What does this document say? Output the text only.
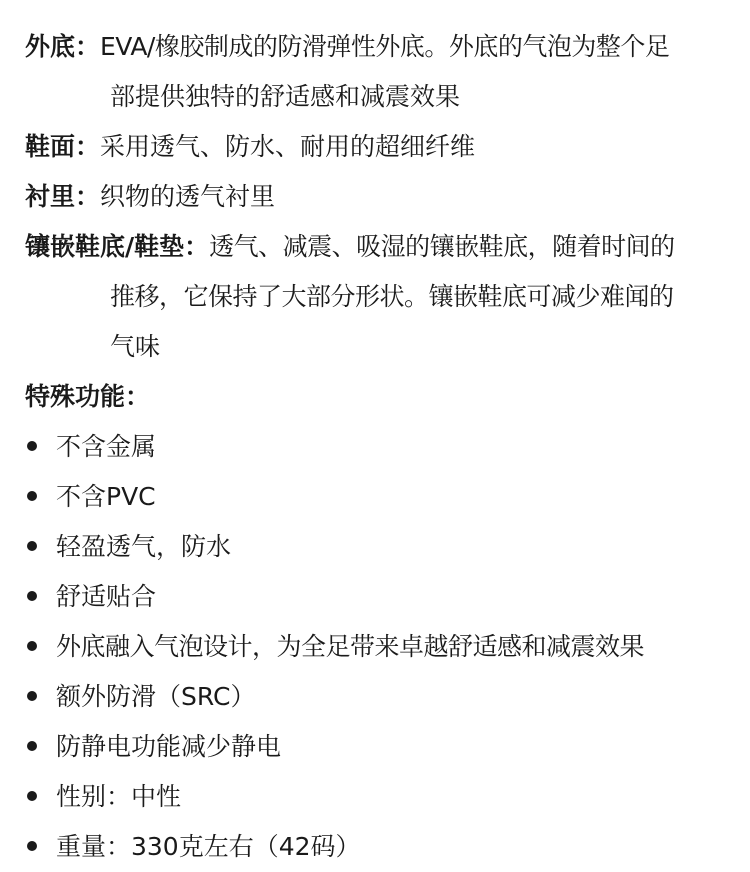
外底：EVA/橡胶制成的防滑弹性外底。外底的气泡为整个足
部提供独特的舒适感和减震效果
鞋面：采用透气、防水、耐用的超细纤维
衬里：织物的透气衬里
镶嵌鞋底/鞋垫：透气、减震、吸湿的镶嵌鞋底，随着时间的
推移，它保持了大部分形状。镶嵌鞋底可减少难闻的
气味
特殊功能：
不含金属
不含PVC
轻盈透气，防水
舒适贴合
外底融入气泡设计，为全足带来卓越舒适感和减震效果
额外防滑（SRC）
防静电功能减少静电
性别：中性
重量：330克左右（42码）
